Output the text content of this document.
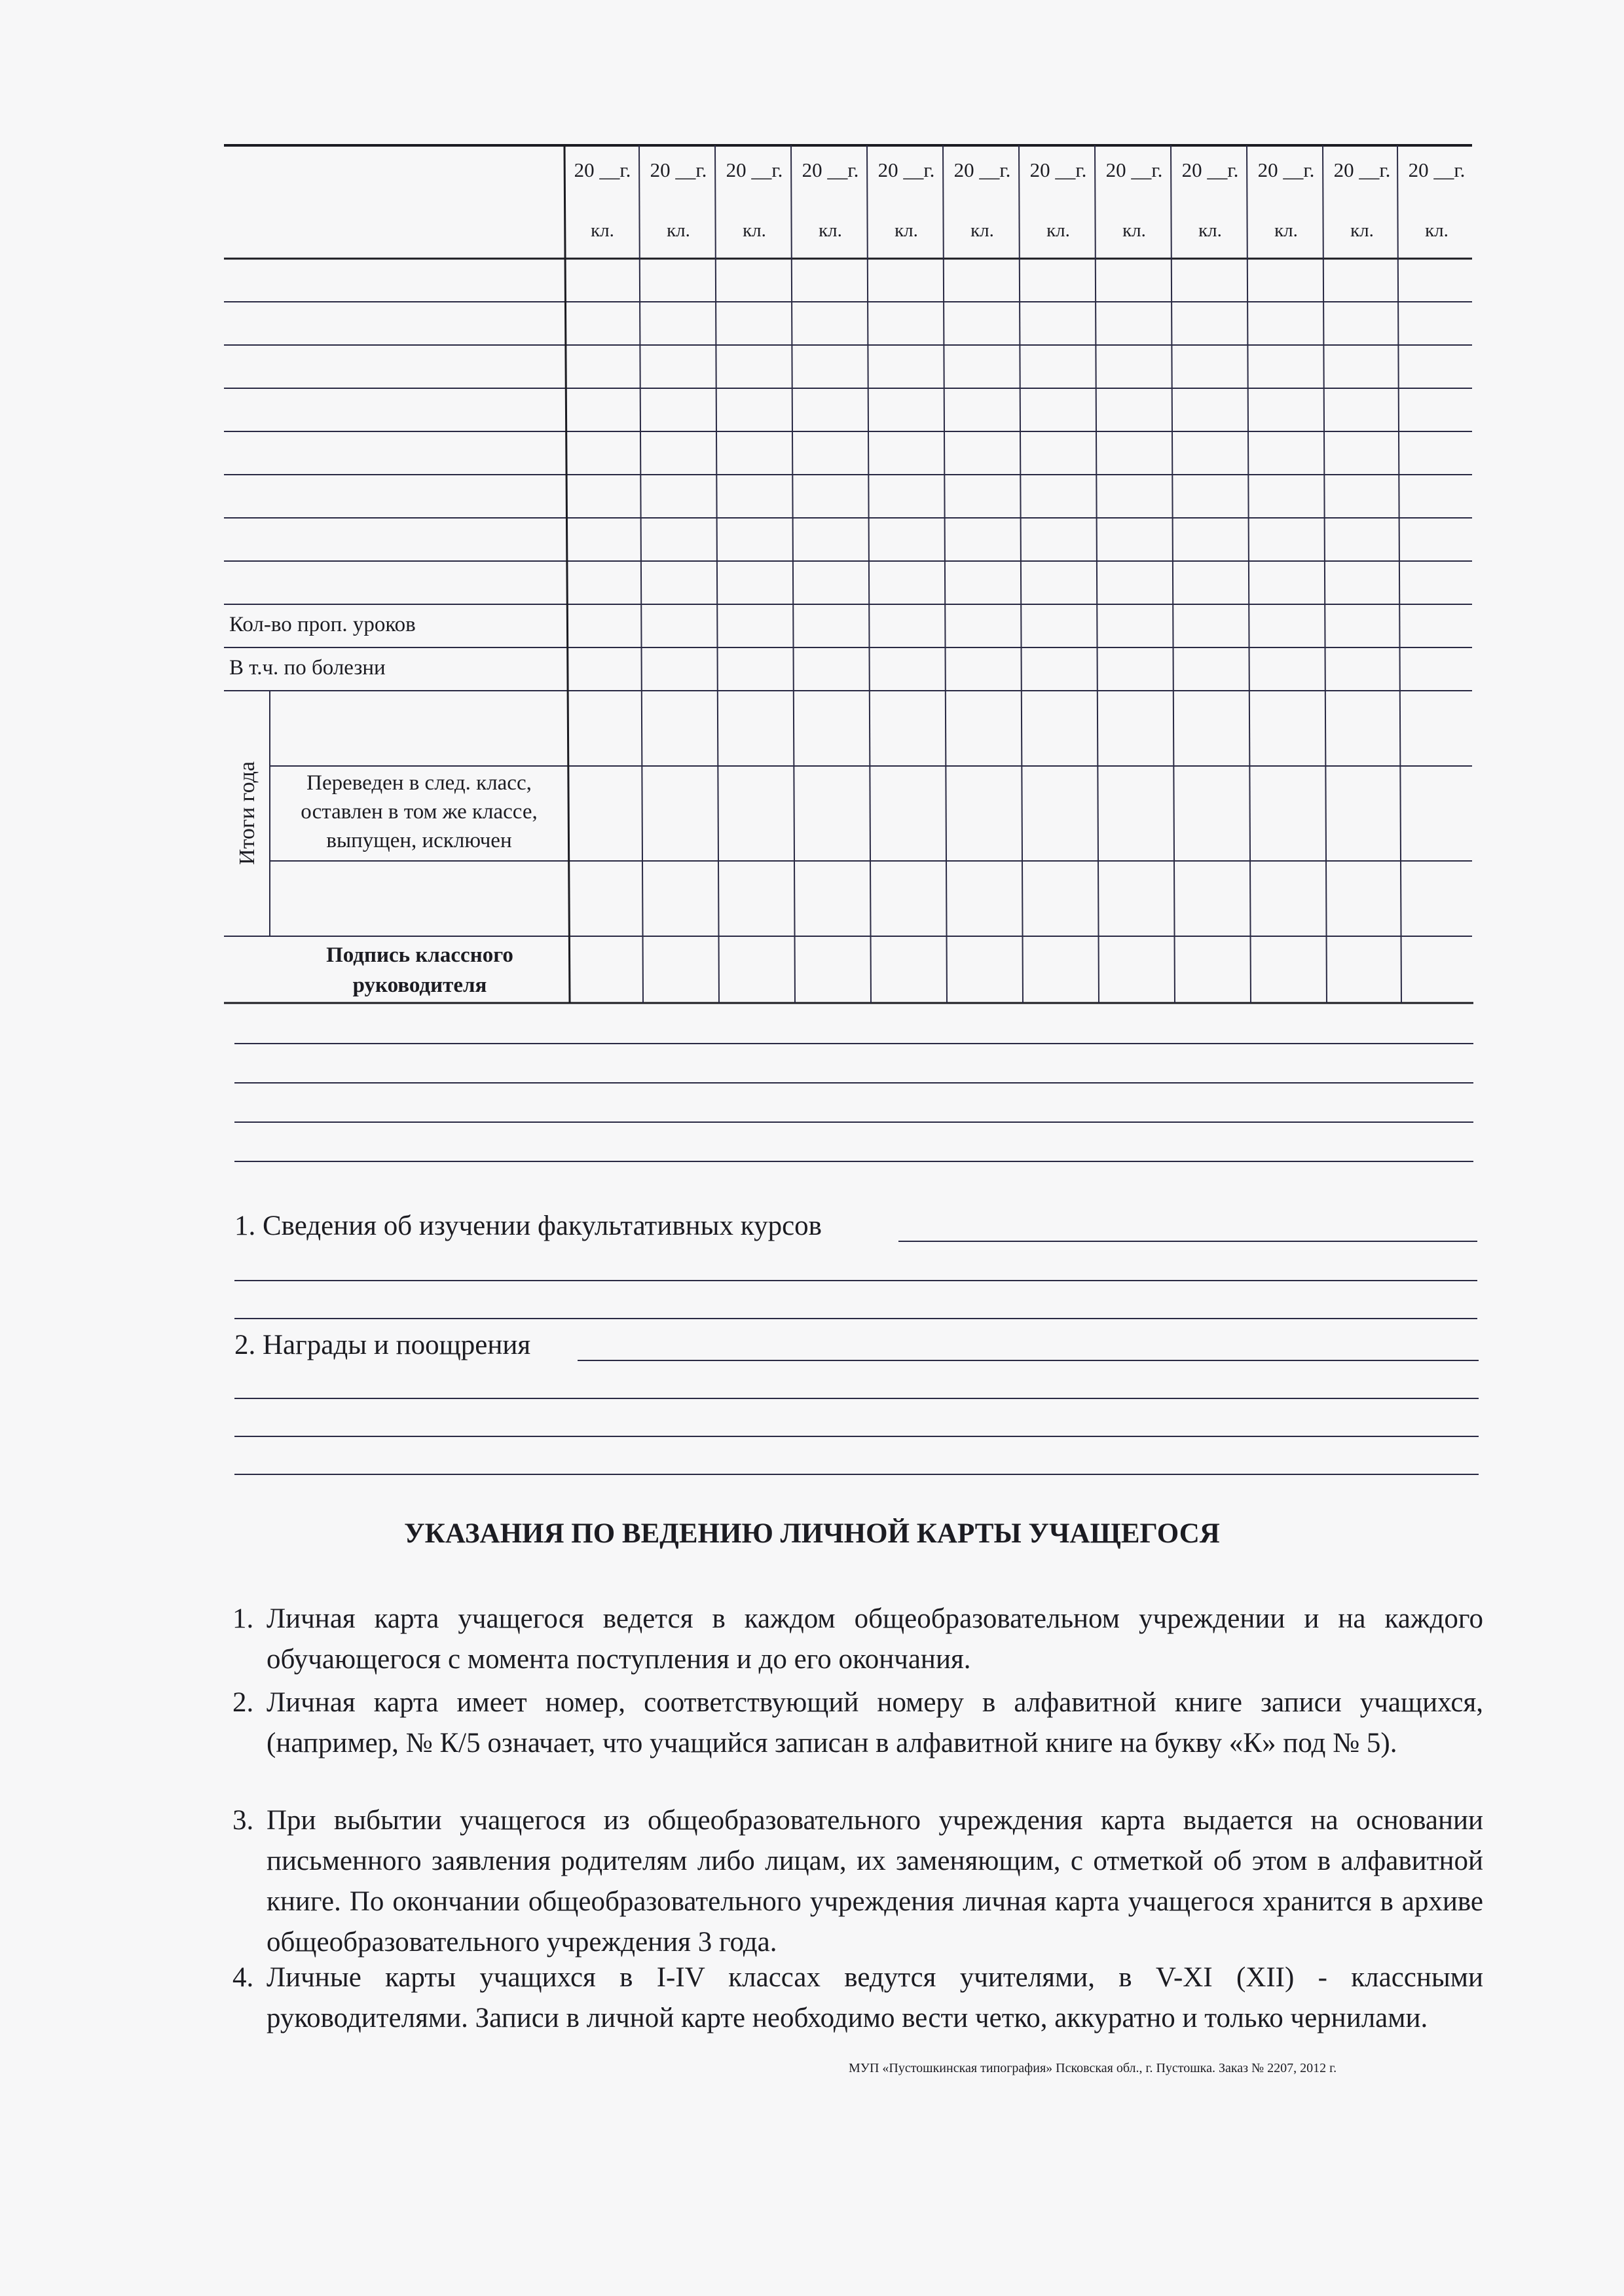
20 __г. 20 __г. 20 __г. 20 __г. 20 __г. 20 __г. 20 __г. 20 __г. 20 __г. 20 __г. 20 __г. 20 __г.
кл.	кл.	кл.	кл.	кл.	кл.	кл.	кл.	кл.	кл.	кл.	кл.
Кол-во проп. уроков
В т.ч. по болезни
Итоги года	Переведен в след. класс,
оставлен в том же классе,
выпущен, исключен
Подпись классного
руководителя
1. Сведения об изучении факультативных курсов
2. Награды и поощрения
УКАЗАНИЯ ПО ВЕДЕНИЮ ЛИЧНОЙ КАРТЫ УЧАЩЕГОСЯ
1. Личная карта учащегося ведется в каждом общеобразовательном учреждении и на каждого обучающегося с момента поступления и до его окончания.
2. Личная карта имеет номер, соответствующий номеру в алфавитной книге записи учащихся, (например, № К/5 означает, что учащийся записан в алфавитной книге на букву «К» под № 5).
3. При выбытии учащегося из общеобразовательного учреждения карта выдается на основании письменного заявления родителям либо лицам, их заменяющим, с отметкой об этом в алфавитной книге. По окончании общеобразовательного учреждения личная карта учащегося хранится в архиве общеобразовательного учреждения 3 года.
4. Личные карты учащихся в I-IV классах ведутся учителями, в V-XI (XII) - классными руководителями. Записи в личной карте необходимо вести четко, аккуратно и только чернилами.
МУП «Пустошкинская типография» Псковская обл., г. Пустошка. Заказ № 2207, 2012 г.
